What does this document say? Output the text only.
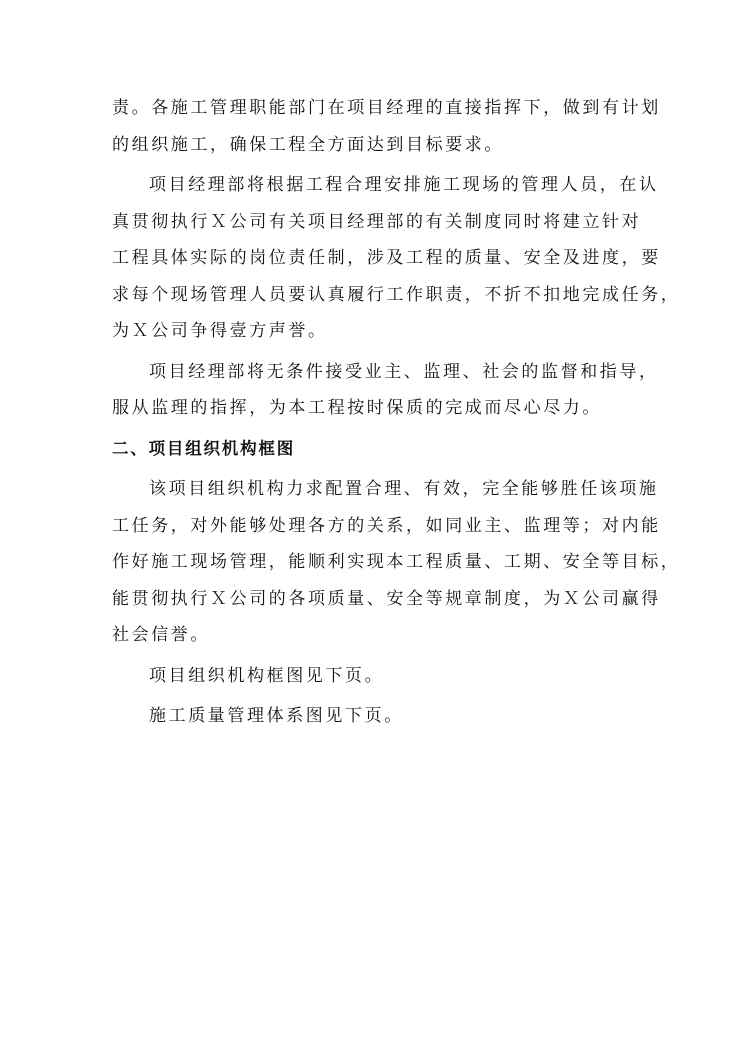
责。各施工管理职能部门在项目经理的直接指挥下，做到有计划
的组织施工，确保工程全方面达到目标要求。
项目经理部将根据工程合理安排施工现场的管理人员，在认
真贯彻执行Ｘ公司有关项目经理部的有关制度同时将建立针对
工程具体实际的岗位责任制，涉及工程的质量、安全及进度，要
求每个现场管理人员要认真履行工作职责，不折不扣地完成任务，
为Ｘ公司争得壹方声誉。
项目经理部将无条件接受业主、监理、社会的监督和指导，
服从监理的指挥，为本工程按时保质的完成而尽心尽力。
二、项目组织机构框图
该项目组织机构力求配置合理、有效，完全能够胜任该项施
工任务，对外能够处理各方的关系，如同业主、监理等；对内能
作好施工现场管理，能顺利实现本工程质量、工期、安全等目标，
能贯彻执行Ｘ公司的各项质量、安全等规章制度，为Ｘ公司赢得
社会信誉。
项目组织机构框图见下页。
施工质量管理体系图见下页。
